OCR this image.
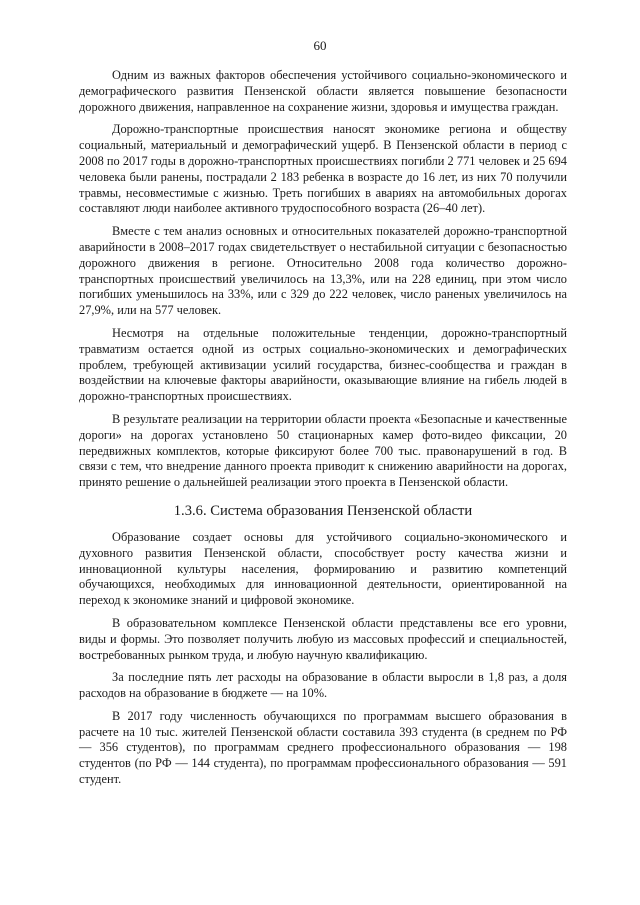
60

Одним из важных факторов обеспечения устойчивого социально-экономического и демографического развития Пензенской области является повышение безопасности дорожного движения, направленное на сохранение жизни, здоровья и имущества граждан.

Дорожно-транспортные происшествия наносят экономике региона и обществу социальный, материальный и демографический ущерб. В Пензенской области в период с 2008 по 2017 годы в дорожно-транспортных происшествиях погибли 2 771 человек и 25 694 человека были ранены, пострадали 2 183 ребенка в возрасте до 16 лет, из них 70 получили травмы, несовместимые с жизнью. Треть погибших в авариях на автомобильных дорогах составляют люди наиболее активного трудоспособного возраста (26–40 лет).

Вместе с тем анализ основных и относительных показателей дорожно-транспортной аварийности в 2008–2017 годах свидетельствует о нестабильной ситуации с безопасностью дорожного движения в регионе. Относительно 2008 года количество дорожно-транспортных происшествий увеличилось на 13,3%, или на 228 единиц, при этом число погибших уменьшилось на 33%, или с 329 до 222 человек, число раненых увеличилось на 27,9%, или на 577 человек.

Несмотря на отдельные положительные тенденции, дорожно-транспортный травматизм остается одной из острых социально-экономических и демографических проблем, требующей активизации усилий государства, бизнес-сообщества и граждан в воздействии на ключевые факторы аварийности, оказывающие влияние на гибель людей в дорожно-транспортных происшествиях.

В результате реализации на территории области проекта «Безопасные и качественные дороги» на дорогах установлено 50 стационарных камер фото-видео фиксации, 20 передвижных комплектов, которые фиксируют более 700 тыс. правонарушений в год. В связи с тем, что внедрение данного проекта приводит к снижению аварийности на дорогах, принято решение о дальнейшей реализации этого проекта в Пензенской области.

1.3.6. Система образования Пензенской области

Образование создает основы для устойчивого социально-экономического и духовного развития Пензенской области, способствует росту качества жизни и инновационной культуры населения, формированию и развитию компетенций обучающихся, необходимых для инновационной деятельности, ориентированной на переход к экономике знаний и цифровой экономике.

В образовательном комплексе Пензенской области представлены все его уровни, виды и формы. Это позволяет получить любую из массовых профессий и специальностей, востребованных рынком труда, и любую научную квалификацию.

За последние пять лет расходы на образование в области выросли в 1,8 раз, а доля расходов на образование в бюджете — на 10%.

В 2017 году численность обучающихся по программам высшего образования в расчете на 10 тыс. жителей Пензенской области составила 393 студента (в среднем по РФ — 356 студентов), по программам среднего профессионального образования — 198 студентов (по РФ — 144 студента), по программам профессионального образования — 591 студент.
